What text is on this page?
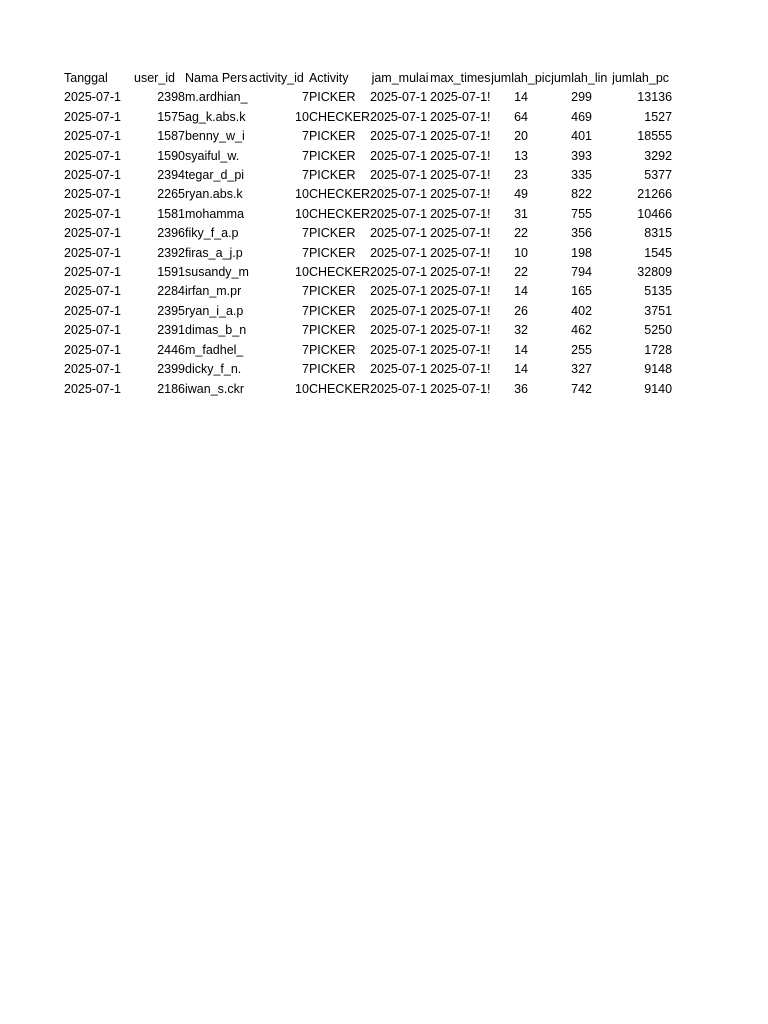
Tanggal	user_id	Nama Pers	activity_id	Activity	jam_mulai	max_times	jumlah_pic	jumlah_lin	jumlah_pc
2025-07-1	2398	m.ardhian_	7	PICKER	2025-07-1	2025-07-1!	14	299	13136
2025-07-1	1575	ag_k.abs.k	10	CHECKER	2025-07-1	2025-07-1!	64	469	1527
2025-07-1	1587	benny_w_i	7	PICKER	2025-07-1	2025-07-1!	20	401	18555
2025-07-1	1590	syaiful_w.	7	PICKER	2025-07-1	2025-07-1!	13	393	3292
2025-07-1	2394	tegar_d_pi	7	PICKER	2025-07-1	2025-07-1!	23	335	5377
2025-07-1	2265	ryan.abs.k	10	CHECKER	2025-07-1	2025-07-1!	49	822	21266
2025-07-1	1581	mohamma	10	CHECKER	2025-07-1	2025-07-1!	31	755	10466
2025-07-1	2396	fiky_f_a.p	7	PICKER	2025-07-1	2025-07-1!	22	356	8315
2025-07-1	2392	firas_a_j.p	7	PICKER	2025-07-1	2025-07-1!	10	198	1545
2025-07-1	1591	susandy_m	10	CHECKER	2025-07-1	2025-07-1!	22	794	32809
2025-07-1	2284	irfan_m.pr	7	PICKER	2025-07-1	2025-07-1!	14	165	5135
2025-07-1	2395	ryan_i_a.p	7	PICKER	2025-07-1	2025-07-1!	26	402	3751
2025-07-1	2391	dimas_b_n	7	PICKER	2025-07-1	2025-07-1!	32	462	5250
2025-07-1	2446	m_fadhel_	7	PICKER	2025-07-1	2025-07-1!	14	255	1728
2025-07-1	2399	dicky_f_n.	7	PICKER	2025-07-1	2025-07-1!	14	327	9148
2025-07-1	2186	iwan_s.ckr	10	CHECKER	2025-07-1	2025-07-1!	36	742	9140
